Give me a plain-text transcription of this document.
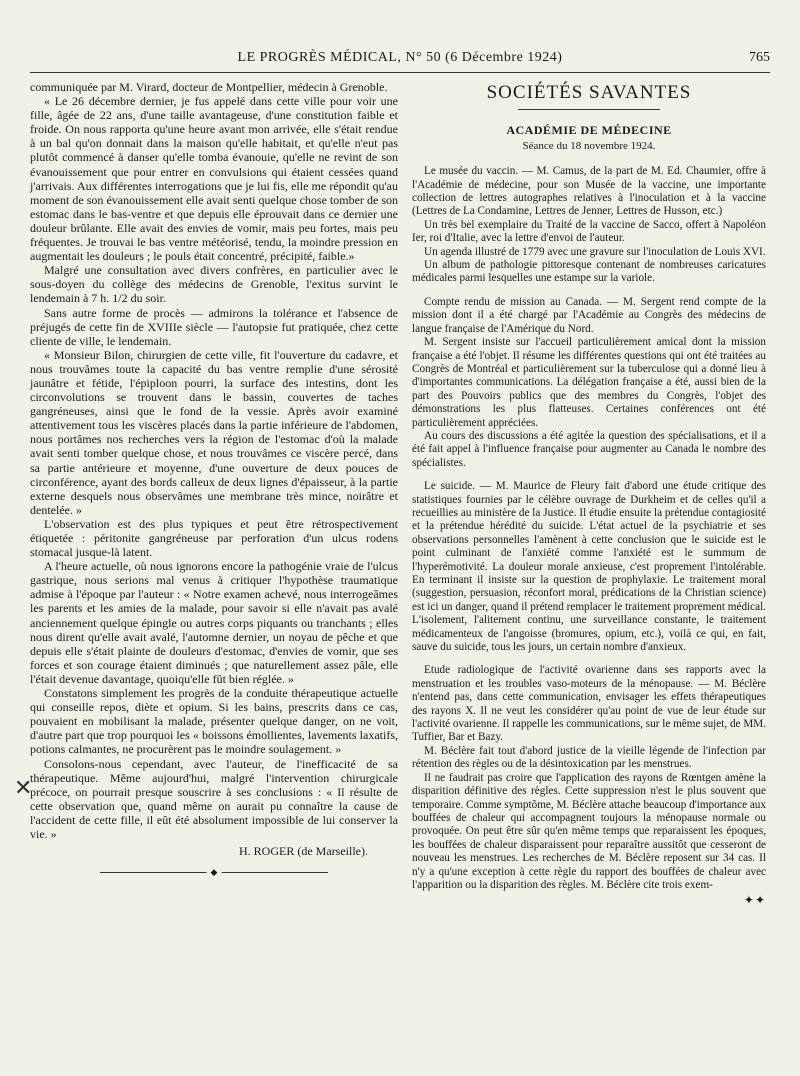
LE PROGRÈS MÉDICAL, N° 50 (6 Décembre 1924)	765
✕

communiquée par M. Virard, docteur de Montpellier, médecin à Grenoble.

« Le 26 décembre dernier, je fus appelé dans cette ville pour voir une fille, âgée de 22 ans, d'une taille avantageuse, d'une constitution faible et froide. On nous rapporta qu'une heure avant mon arrivée, elle s'était rendue à un bal qu'on donnait dans la maison qu'elle habitait, et qu'elle n'eut pas plutôt commencé à danser qu'elle tomba évanouie, qu'elle ne revint de son évanouissement que pour entrer en convulsions qui étaient cessées quand j'arrivais. Aux différentes interrogations que je lui fis, elle me répondit qu'au moment de son évanouissement elle avait senti quelque chose tomber de son estomac dans le bas-ventre et que depuis elle éprouvait dans ce dernier une douleur brûlante. Elle avait des envies de vomir, mais peu fortes, mais peu fréquentes. Je trouvai le bas ventre météorisé, tendu, la moindre pression en augmentait les douleurs ; le pouls était concentré, précipité, faible.»

Malgré une consultation avec divers confrères, en particulier avec le sous-doyen du collège des médecins de Grenoble, l'exitus survint le lendemain à 7 h. 1/2 du soir.

Sans autre forme de procès — admirons la tolérance et l'absence de préjugés de cette fin de XVIIIe siècle — l'autopsie fut pratiquée, chez cette cliente de ville, le lendemain.

« Monsieur Bilon, chirurgien de cette ville, fit l'ouverture du cadavre, et nous trouvâmes toute la capacité du bas ventre remplie d'une sérosité jaunâtre et fétide, l'épiploon pourri, la surface des intestins, dont les circonvolutions se trouvent dans le bassin, couvertes de taches gangréneuses, ainsi que le fond de la vessie. Après avoir examiné attentivement tous les viscères placés dans la partie inférieure de l'abdomen, nous portâmes nos recherches vers la région de l'estomac d'où la malade avait senti tomber quelque chose, et nous trouvâmes ce viscère percé, dans sa partie antérieure et moyenne, d'une ouverture de deux pouces de circonférence, ayant des bords calleux de deux lignes d'épaisseur, à la partie externe desquels nous observâmes une membrane très mince, noirâtre et dentelée. »

L'observation est des plus typiques et peut être rétrospectivement étiquetée : péritonite gangréneuse par perforation d'un ulcus rodens stomacal jusque-là latent.

A l'heure actuelle, où nous ignorons encore la pathogénie vraie de l'ulcus gastrique, nous serions mal venus à critiquer l'hypothèse traumatique admise à l'époque par l'auteur : « Notre examen achevé, nous interrogeâmes les parents et les amies de la malade, pour savoir si elle n'avait pas avalé anciennement quelque épingle ou autres corps piquants ou tranchants ; elles nous dirent qu'elle avait avalé, l'automne dernier, un noyau de pêche et que depuis elle s'était plainte de douleurs d'estomac, d'envies de vomir, que ses forces et son courage étaient diminués ; que naturellement assez pâle, elle l'était devenue davantage, quoiqu'elle fût bien réglée. »

Constatons simplement les progrès de la conduite thérapeutique actuelle qui conseille repos, diète et opium. Si les bains, prescrits dans ce cas, pouvaient en mobilisant la malade, présenter quelque danger, on ne voit, d'autre part que trop pourquoi les « boissons émollientes, lavements laxatifs, potions calmantes, ne procurèrent pas le moindre soulagement. »

Consolons-nous cependant, avec l'auteur, de l'inefficacité de sa thérapeutique. Même aujourd'hui, malgré l'intervention chirurgicale précoce, on pourrait presque souscrire à ses conclusions : « Il résulte de cette observation que, quand même on aurait pu connaître la cause de l'accident de cette fille, il eût été absolument impossible de lui conserver la vie. »

H. ROGER (de Marseille).
◆
SOCIÉTÉS SAVANTES
ACADÉMIE DE MÉDECINE
Séance du 18 novembre 1924.

Le musée du vaccin. — M. Camus, de la part de M. Ed. Chaumier, offre à l'Académie de médecine, pour son Musée de la vaccine, une importante collection de lettres autographes relatives à l'inoculation et à la vaccine (Lettres de La Condamine, Lettres de Jenner, Lettres de Husson, etc.)

Un très bel exemplaire du Traité de la vaccine de Sacco, offert à Napoléon Ier, roi d'Italie, avec la lettre d'envoi de l'auteur.

Un agenda illustré de 1779 avec une gravure sur l'inoculation de Louis XVI.

Un album de pathologie pittoresque contenant de nombreuses caricatures médicales parmi lesquelles une estampe sur la variole.

Compte rendu de mission au Canada. — M. Sergent rend compte de la mission dont il a été chargé par l'Académie au Congrès des médecins de langue française de l'Amérique du Nord.

M. Sergent insiste sur l'accueil particulièrement amical dont la mission française a été l'objet. Il résume les différentes questions qui ont été traitées au Congrès de Montréal et particulièrement sur la tuberculose qui a donné lieu à d'importantes communications. La délégation française a été, aussi bien de la part des Pouvoirs publics que des membres du Congrès, l'objet des démonstrations les plus flatteuses. Certaines conférences ont été particulièrement appréciées.

Au cours des discussions a été agitée la question des spécialisations, et il a été fait appel à l'influence française pour augmenter au Canada le nombre des spécialistes.

Le suicide. — M. Maurice de Fleury fait d'abord une étude critique des statistiques fournies par le célèbre ouvrage de Durkheim et de celles qu'il a recueillies au ministère de la Justice. Il étudie ensuite la prétendue contagiosité et la prétendue hérédité du suicide. L'état actuel de la psychiatrie et ses observations personnelles l'amènent à cette conclusion que le suicide est le point culminant de l'anxiété comme l'anxiété est le summum de l'hyperémotivité. La douleur morale anxieuse, c'est proprement l'intolérable. En terminant il insiste sur la question de prophylaxie. Le traitement moral (suggestion, persuasion, réconfort moral, prédications de la Christian science) est ici un danger, quand il prétend remplacer le traitement proprement médical. L'isolement, l'alitement continu, une surveillance constante, le traitement médicamenteux de l'angoisse (bromures, opium, etc.), voilà ce qui, en fait, sauve du suicide, tous les jours, un certain nombre d'anxieux.

Etude radiologique de l'activité ovarienne dans ses rapports avec la menstruation et les troubles vaso-moteurs de la ménopause. — M. Béclère n'entend pas, dans cette communication, envisager les effets thérapeutiques des rayons X. Il ne veut les considérer qu'au point de vue de leur étude sur l'activité ovarienne. Il rappelle les communications, sur le même sujet, de MM. Tuffier, Bar et Bazy.

M. Béclère fait tout d'abord justice de la vieille légende de l'infection par rétention des règles ou de la désintoxication par les menstrues.

Il ne faudrait pas croire que l'application des rayons de Rœntgen amène la disparition définitive des règles. Cette suppression n'est le plus souvent que temporaire. Comme symptôme, M. Béclère attache beaucoup d'importance aux bouffées de chaleur qui accompagnent toujours la ménopause normale ou provoquée. On peut être sûr qu'en même temps que reparaissent les époques, les bouffées de chaleur disparaissent pour reparaître aussitôt que cesseront de nouveau les menstrues. Les recherches de M. Béclère reposent sur 34 cas. Il n'y a qu'une exception à cette règle du rapport des bouffées de chaleur avec l'apparition ou la disparition des règles. M. Béclère cite trois exem-

✦✦
